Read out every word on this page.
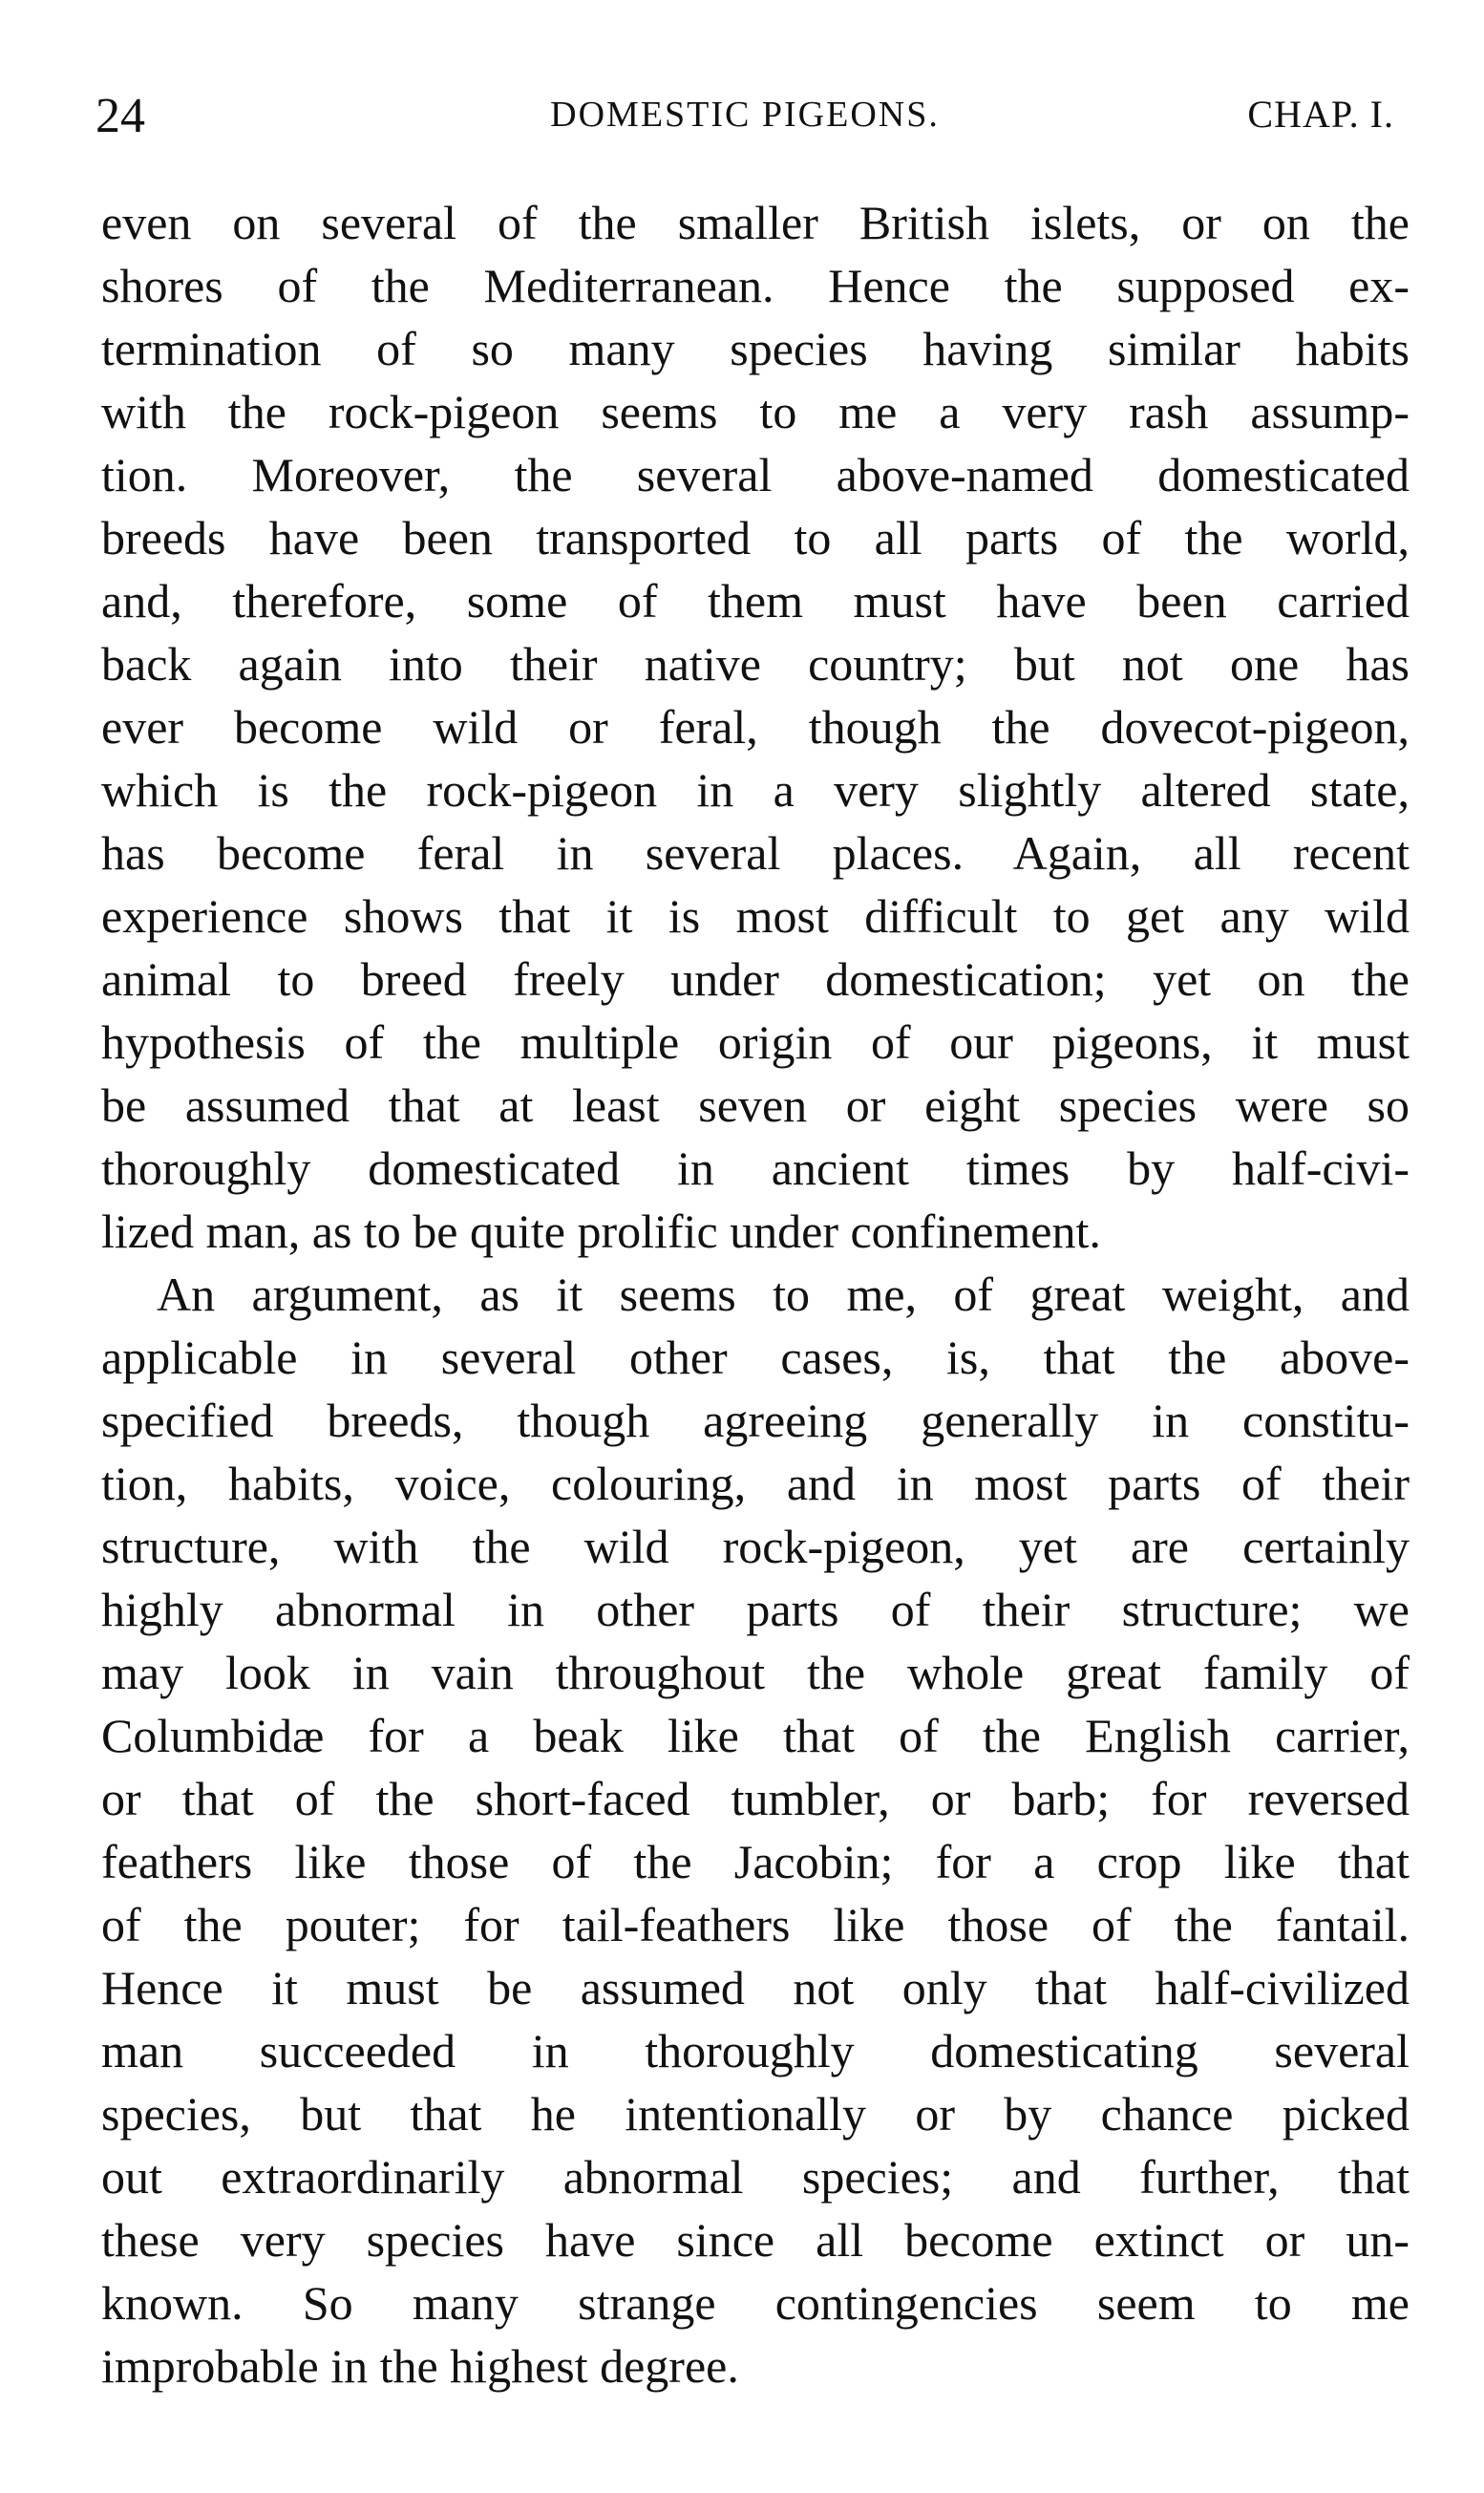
24	DOMESTIC PIGEONS.	CHAP. I.
even on several of the smaller British islets, or on the
shores of the Mediterranean. Hence the supposed ex-
termination of so many species having similar habits
with the rock-pigeon seems to me a very rash assump-
tion. Moreover, the several above-named domesticated
breeds have been transported to all parts of the world,
and, therefore, some of them must have been carried
back again into their native country; but not one has
ever become wild or feral, though the dovecot-pigeon,
which is the rock-pigeon in a very slightly altered state,
has become feral in several places. Again, all recent
experience shows that it is most difficult to get any wild
animal to breed freely under domestication; yet on the
hypothesis of the multiple origin of our pigeons, it must
be assumed that at least seven or eight species were so
thoroughly domesticated in ancient times by half-civi-
lized man, as to be quite prolific under confinement.
An argument, as it seems to me, of great weight, and
applicable in several other cases, is, that the above-
specified breeds, though agreeing generally in constitu-
tion, habits, voice, colouring, and in most parts of their
structure, with the wild rock-pigeon, yet are certainly
highly abnormal in other parts of their structure; we
may look in vain throughout the whole great family of
Columbidæ for a beak like that of the English carrier,
or that of the short-faced tumbler, or barb; for reversed
feathers like those of the Jacobin; for a crop like that
of the pouter; for tail-feathers like those of the fantail.
Hence it must be assumed not only that half-civilized
man succeeded in thoroughly domesticating several
species, but that he intentionally or by chance picked
out extraordinarily abnormal species; and further, that
these very species have since all become extinct or un-
known. So many strange contingencies seem to me
improbable in the highest degree.
